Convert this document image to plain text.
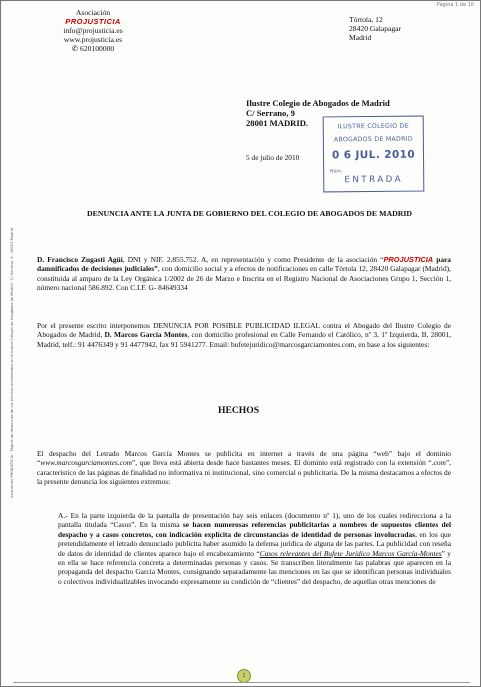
Página 1 de 10
Asociación PROJUSTICIA · Página de denuncias de los escritos presentados en el Ilustre Colegio de Abogados de Madrid · C/ Serrano, 9 · 28001 Madrid
Asociación
PROJUSTICIA
info@projusticia.es
www.projusticia.es
✆ 620100000
Tórtola, 12
28420 Galapagar
Madrid
Ilustre Colegio de Abogados de Madrid
C/ Serrano, 9
28001 MADRID.
5 de julio de 2010
ILUSTRE COLEGIO DE
ABOGADOS DE MADRID
0 6 JUL. 2010
Núm.
ENTRADA
DENUNCIA ANTE LA JUNTA DE GOBIERNO DEL COLEGIO DE ABOGADOS DE MADRID
D. Francisco Zugasti Agüí, DNI y NIF. 2.855.752. A, en representación y como Presidente de la asociación “PROJUSTICIA para damnificados de decisiones judiciales”, con domicilio social y a efectos de notificaciones en calle Tórtola 12, 28420 Galapagar (Madrid), constituida al amparo de la Ley Orgánica 1/2002 de 26 de Marzo e Inscrita en el Registro Nacional de Asociaciones Grupo 1, Sección 1, número nacional 586.892. Con C.I.F. G- 84649334
Por el presente escrito interponemos DENUNCIA POR POSIBLE PUBLICIDAD ILEGAL contra el Abogado del Ilustre Colegio de Abogados de Madrid, D. Marcos García Montes, con domicilio profesional en Calle Fernando el Católico, nº 3, 1º Izquierda, B, 28001, Madrid, telf.: 91 4476349 y 91 4477942, fax 91 5941277. Email: bufetejuridico@marcosgarciamontes.com, en base a los siguientes:
HECHOS
El despacho del Letrado Marcos García Montes se publicita en internet a través de una página “web” bajo el dominio “www.marcosgarciamontes.com”, que lleva está abierta desde hace bastantes meses. El dominio está registrado con la extensión “.com”, característico de las páginas de finalidad no informativa ni institucional, sino comercial o publicitaria. De la misma destacamos a efectos de la presente denuncia los siguientes extremos:
A.- En la parte izquierda de la pantalla de presentación hay seis enlaces (documento nº 1), uno de los cuales redirecciona a la pantalla titulada “Casos”. En la misma se hacen numerosas referencias publicitarias a nombres de supuestos clientes del despacho y a casos concretos, con indicación explícita de circunstancias de identidad de personas involucradas, en los que pretendidamente el letrado denunciado publicita haber asumido la defensa jurídica de alguna de las partes. La publicidad con reseña de datos de identidad de clientes aparece bajo el encabezamiento “Casos relevantes del Bufete Jurídico Marcos García-Montes” y en ella se hace referencia concreta a determinadas personas y casos. Se transcriben literalmente las palabras que aparecen en la propaganda del despacho García Montes, consignando separadamente las menciones en las que se identifican personas individuales o colectivos individualizables invocando expresamente su condición de “clientes” del despacho, de aquellas otras menciones de
1
